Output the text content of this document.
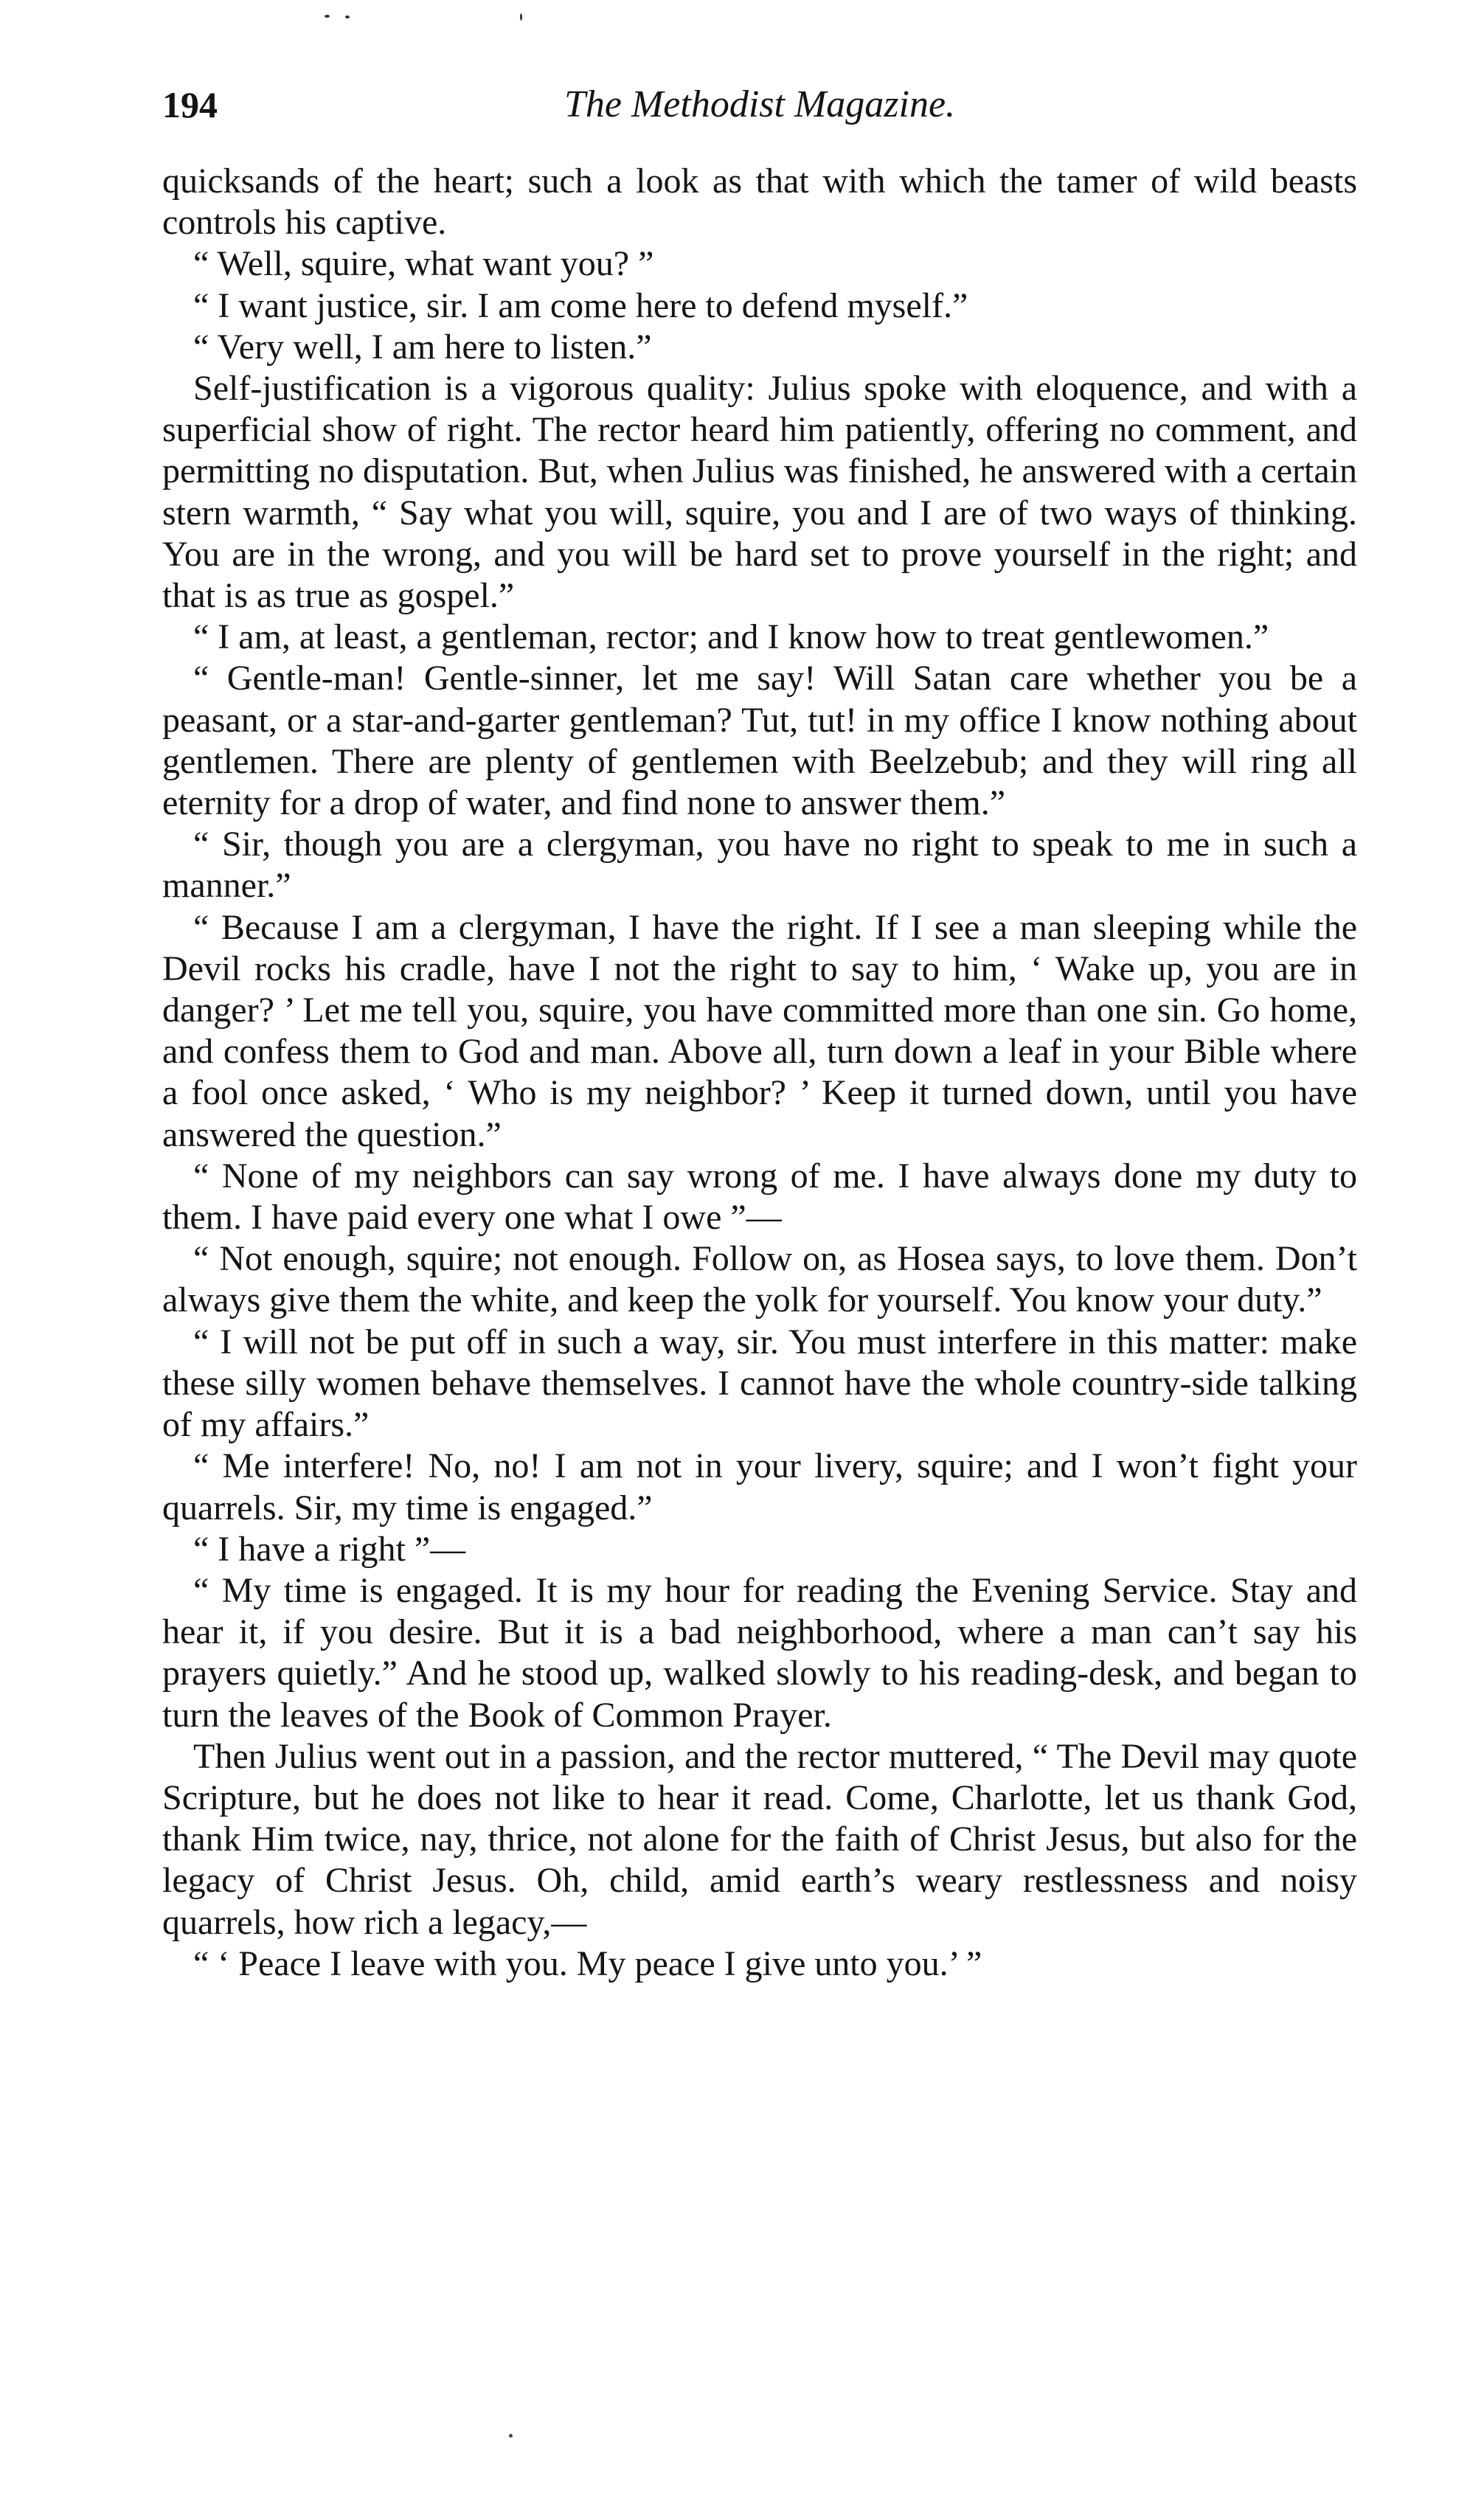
194	The Methodist Magazine.

quicksands of the heart; such a look as that with which the tamer of wild beasts controls his captive.

“ Well, squire, what want you? ”

“ I want justice, sir. I am come here to defend myself.”

“ Very well, I am here to listen.”

Self-justification is a vigorous quality: Julius spoke with eloquence, and with a superficial show of right. The rector heard him patiently, offering no comment, and permitting no disputation. But, when Julius was finished, he answered with a certain stern warmth, “ Say what you will, squire, you and I are of two ways of thinking. You are in the wrong, and you will be hard set to prove yourself in the right; and that is as true as gospel.”

“ I am, at least, a gentleman, rector; and I know how to treat gentlewomen.”

“ Gentle-man! Gentle-sinner, let me say! Will Satan care whether you be a peasant, or a star-and-garter gentleman? Tut, tut! in my office I know nothing about gentlemen. There are plenty of gentlemen with Beelzebub; and they will ring all eternity for a drop of water, and find none to answer them.”

“ Sir, though you are a clergyman, you have no right to speak to me in such a manner.”

“ Because I am a clergyman, I have the right. If I see a man sleeping while the Devil rocks his cradle, have I not the right to say to him, ‘ Wake up, you are in danger? ’ Let me tell you, squire, you have committed more than one sin. Go home, and confess them to God and man. Above all, turn down a leaf in your Bible where a fool once asked, ‘ Who is my neighbor? ’ Keep it turned down, until you have answered the question.”

“ None of my neighbors can say wrong of me. I have always done my duty to them. I have paid every one what I owe ”—

“ Not enough, squire; not enough. Follow on, as Hosea says, to love them. Don’t always give them the white, and keep the yolk for yourself. You know your duty.”

“ I will not be put off in such a way, sir. You must interfere in this matter: make these silly women behave themselves. I cannot have the whole country-side talking of my affairs.”

“ Me interfere! No, no! I am not in your livery, squire; and I won’t fight your quarrels. Sir, my time is engaged.”

“ I have a right ”—

“ My time is engaged. It is my hour for reading the Evening Service. Stay and hear it, if you desire. But it is a bad neighborhood, where a man can’t say his prayers quietly.” And he stood up, walked slowly to his reading-desk, and began to turn the leaves of the Book of Common Prayer.

Then Julius went out in a passion, and the rector muttered, “ The Devil may quote Scripture, but he does not like to hear it read. Come, Charlotte, let us thank God, thank Him twice, nay, thrice, not alone for the faith of Christ Jesus, but also for the legacy of Christ Jesus. Oh, child, amid earth’s weary restlessness and noisy quarrels, how rich a legacy,—

“ ‘ Peace I leave with you. My peace I give unto you.’ ”
